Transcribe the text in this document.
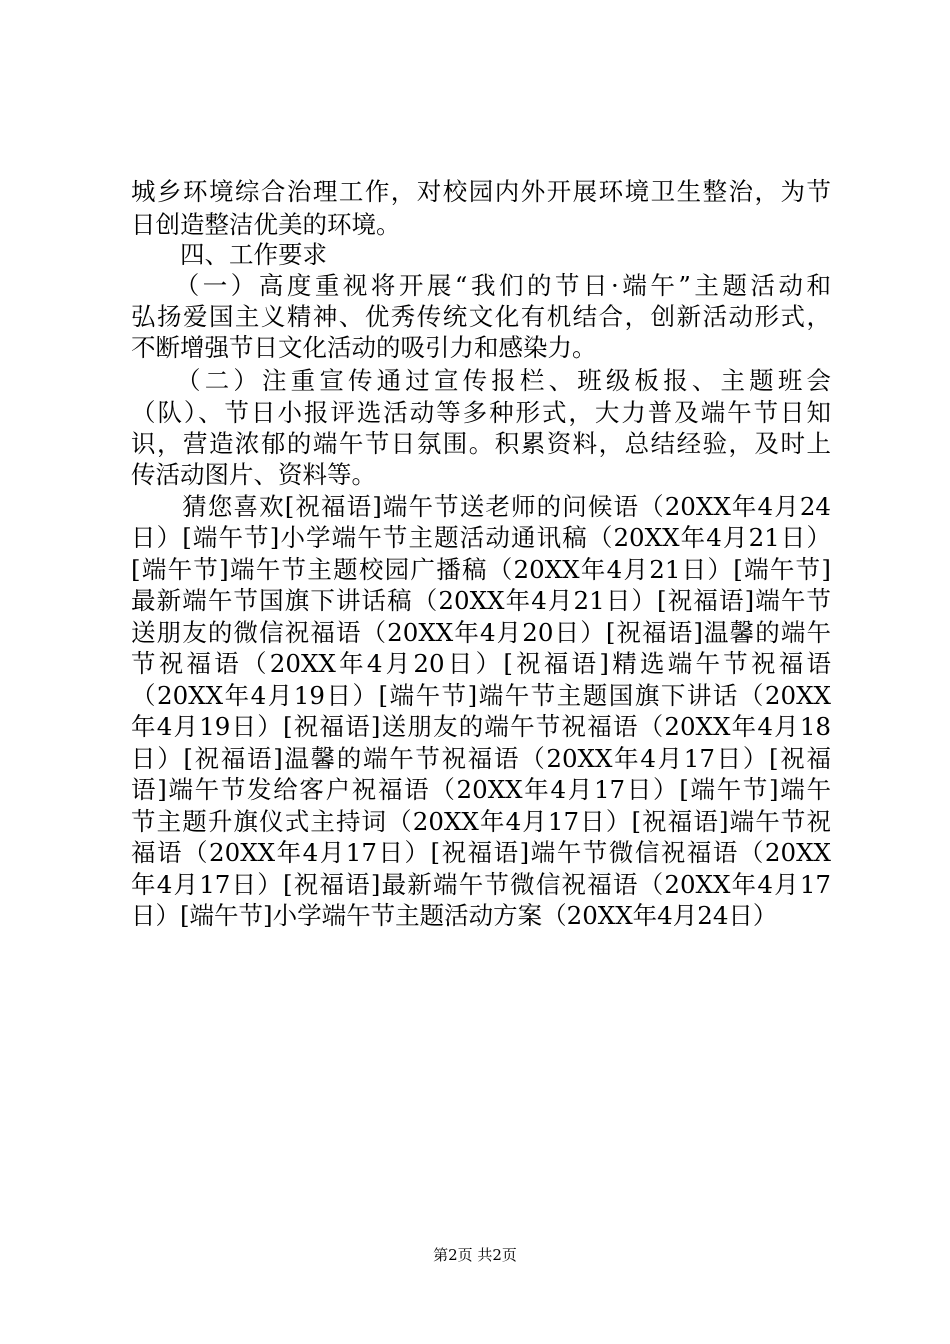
城乡环境综合治理工作，对校园内外开展环境卫生整治，为节
日创造整洁优美的环境。
　　四、工作要求
　　（一）高度重视将开展“我们的节日·端午”主题活动和
弘扬爱国主义精神、优秀传统文化有机结合，创新活动形式，
不断增强节日文化活动的吸引力和感染力。
　　（二）注重宣传通过宣传报栏、班级板报、主题班会
（队）、节日小报评选活动等多种形式，大力普及端午节日知
识，营造浓郁的端午节日氛围。积累资料，总结经验，及时上
传活动图片、资料等。
　　猜您喜欢[祝福语]端午节送老师的问候语（20XX年4月24
日）[端午节]小学端午节主题活动通讯稿（20XX年4月21日）
[端午节]端午节主题校园广播稿（20XX年4月21日）[端午节]
最新端午节国旗下讲话稿（20XX年4月21日）[祝福语]端午节
送朋友的微信祝福语（20XX年4月20日）[祝福语]温馨的端午
节祝福语（20XX年4月20日）[祝福语]精选端午节祝福语
（20XX年4月19日）[端午节]端午节主题国旗下讲话（20XX
年4月19日）[祝福语]送朋友的端午节祝福语（20XX年4月18
日）[祝福语]温馨的端午节祝福语（20XX年4月17日）[祝福
语]端午节发给客户祝福语（20XX年4月17日）[端午节]端午
节主题升旗仪式主持词（20XX年4月17日）[祝福语]端午节祝
福语（20XX年4月17日）[祝福语]端午节微信祝福语（20XX
年4月17日）[祝福语]最新端午节微信祝福语（20XX年4月17
日）[端午节]小学端午节主题活动方案（20XX年4月24日）
第2页 共2页
